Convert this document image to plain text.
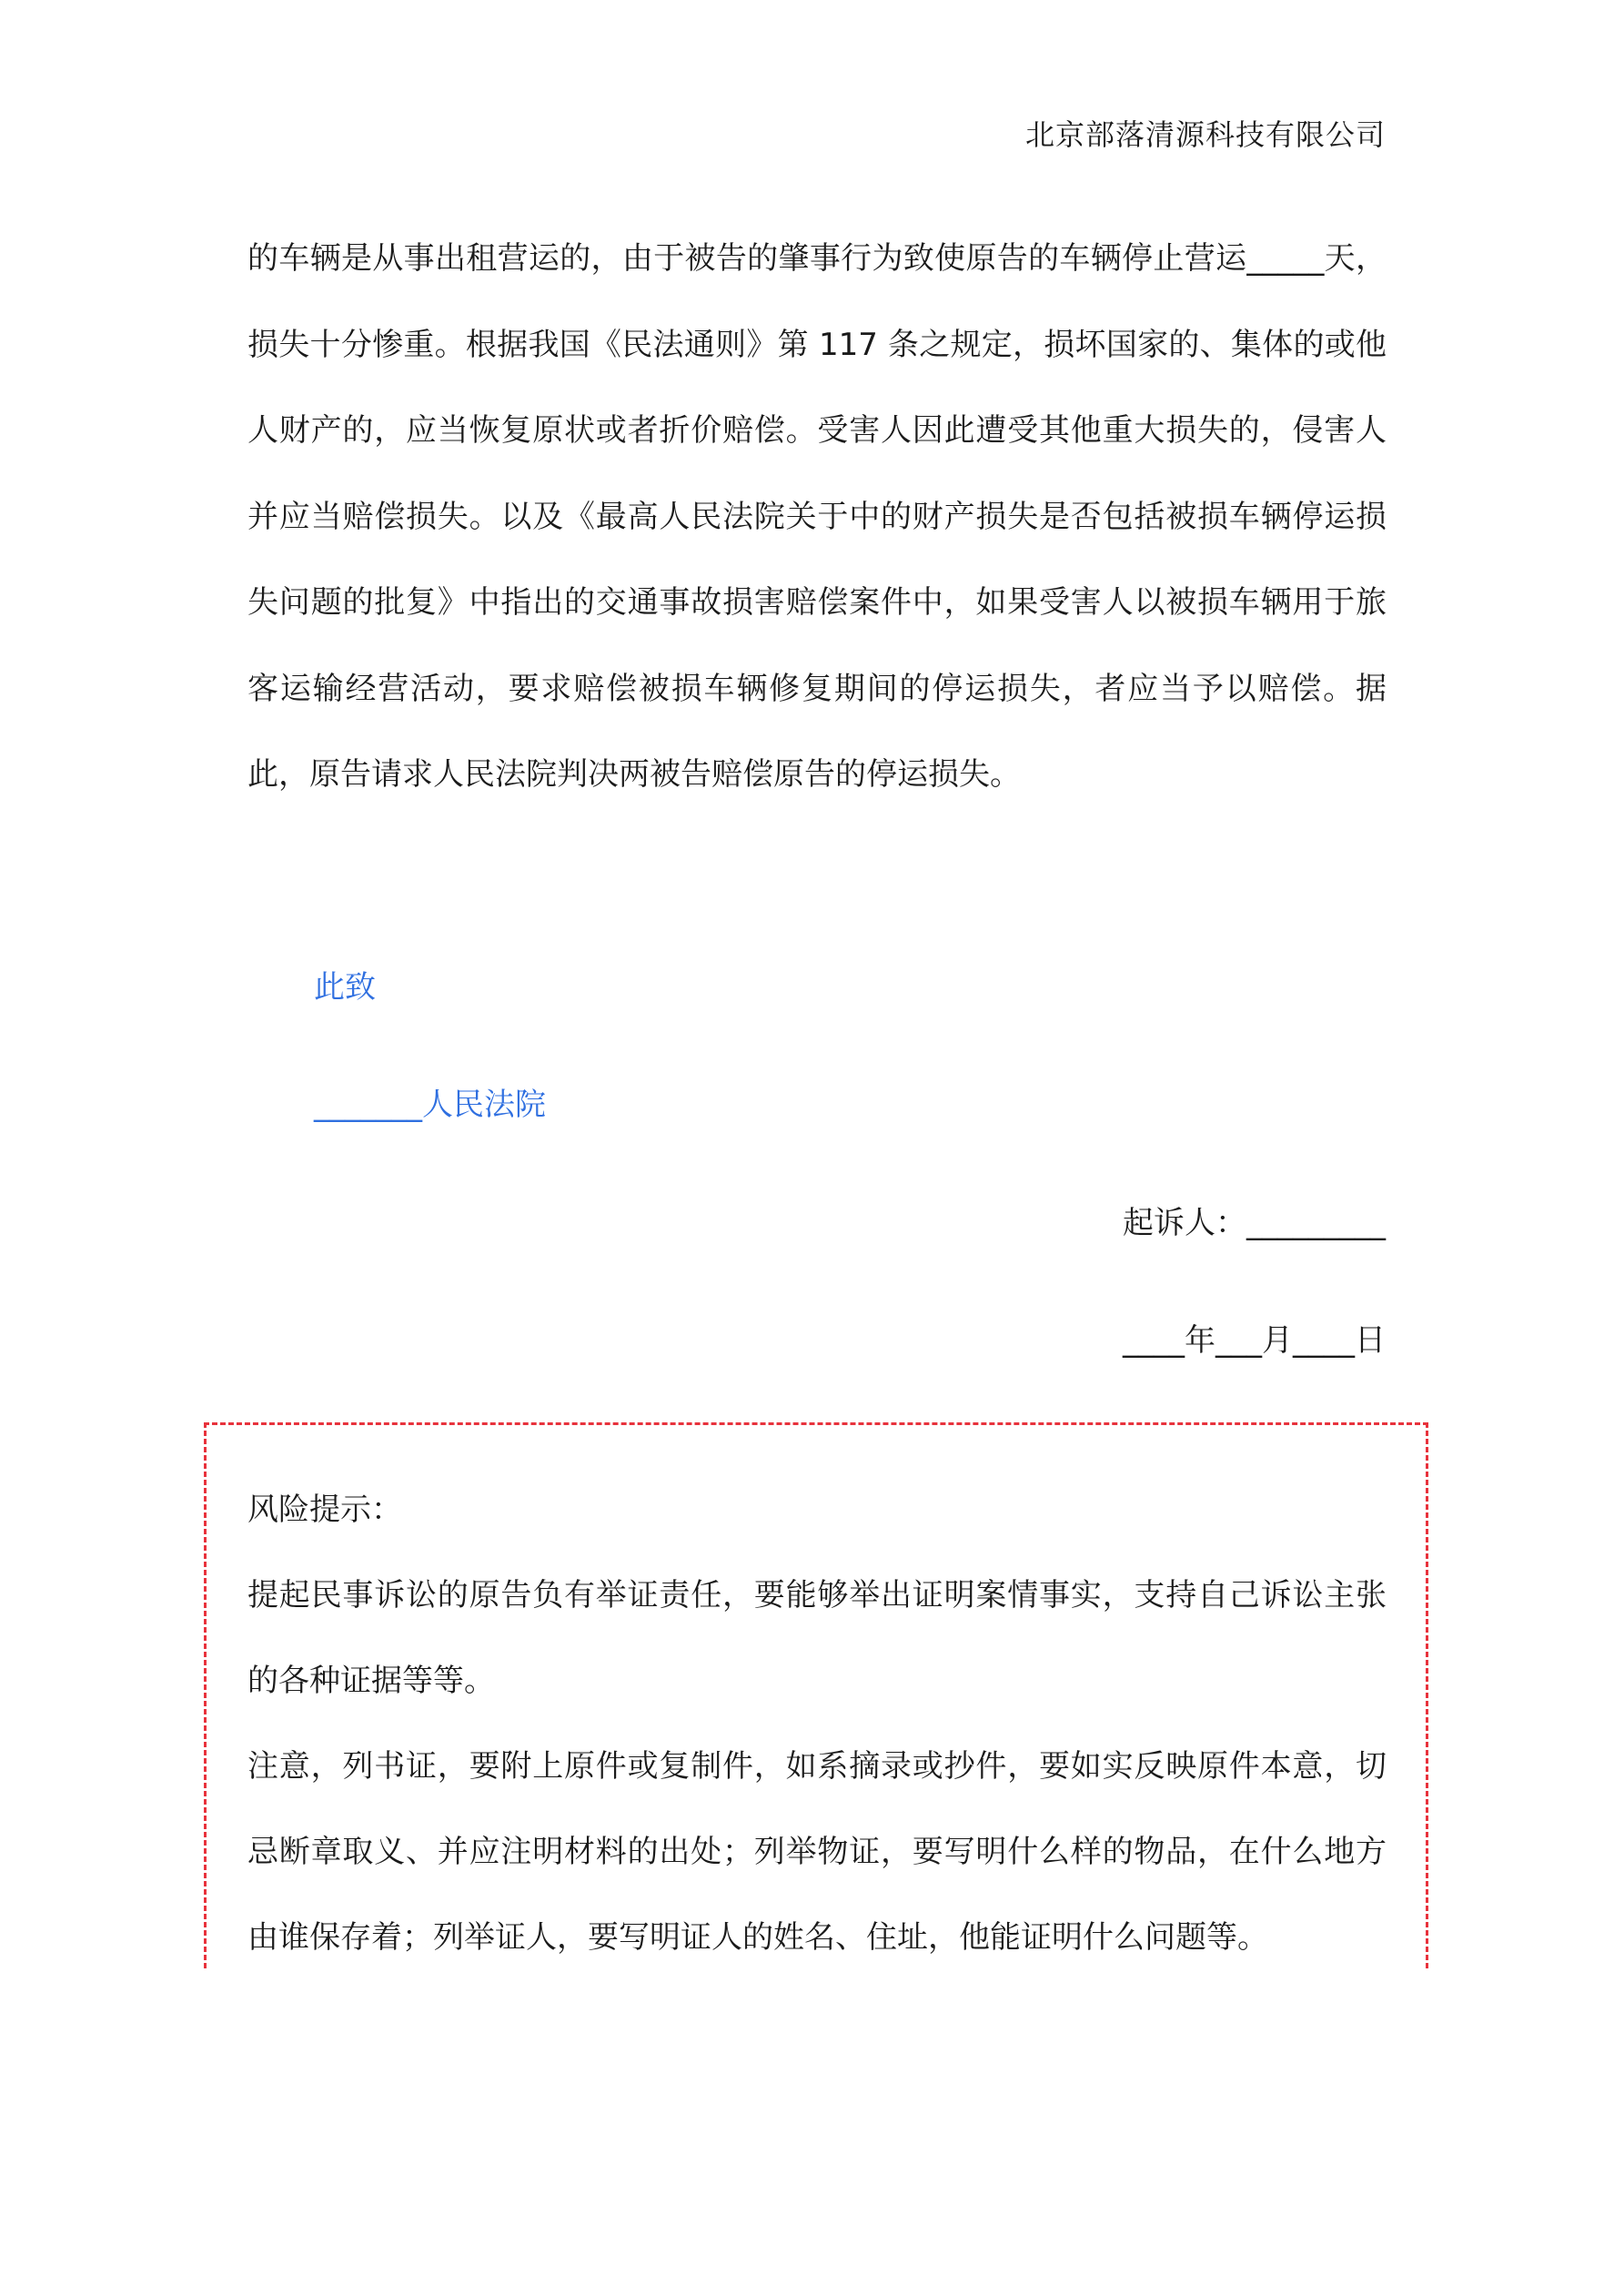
北京部落清源科技有限公司

的车辆是从事出租营运的，由于被告的肇事行为致使原告的车辆停止营运_____天，损失十分惨重。根据我国《民法通则》第 117 条之规定，损坏国家的、集体的或他人财产的，应当恢复原状或者折价赔偿。受害人因此遭受其他重大损失的，侵害人并应当赔偿损失。以及《最高人民法院关于中的财产损失是否包括被损车辆停运损失问题的批复》中指出的交通事故损害赔偿案件中，如果受害人以被损车辆用于旅客运输经营活动，要求赔偿被损车辆修复期间的停运损失，者应当予以赔偿。据此，原告请求人民法院判决两被告赔偿原告的停运损失。

此致
_______人民法院
起诉人：_________
____年___月____日

风险提示：

提起民事诉讼的原告负有举证责任，要能够举出证明案情事实，支持自己诉讼主张的各种证据等等。

注意，列书证，要附上原件或复制件，如系摘录或抄件，要如实反映原件本意，切忌断章取义、并应注明材料的出处；列举物证，要写明什么样的物品，在什么地方由谁保存着；列举证人，要写明证人的姓名、住址，他能证明什么问题等。
